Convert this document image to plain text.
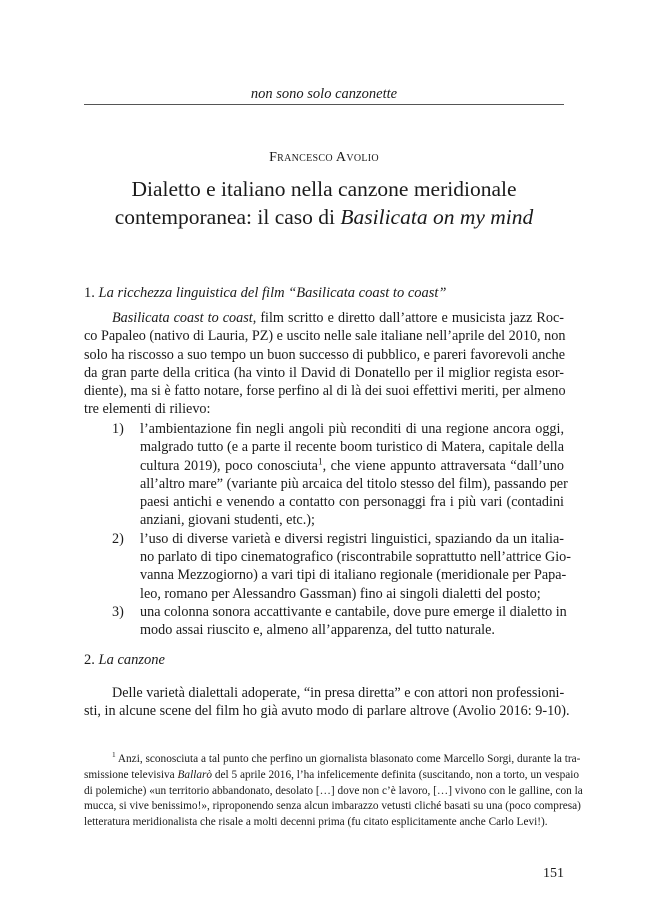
non sono solo canzonette
Francesco Avolio
Dialetto e italiano nella canzone meridionale
contemporanea: il caso di Basilicata on my mind
1. La ricchezza linguistica del film “Basilicata coast to coast”
Basilicata coast to coast, film scritto e diretto dall’attore e musicista jazz Roc-
co Papaleo (nativo di Lauria, PZ) e uscito nelle sale italiane nell’aprile del 2010, non
solo ha riscosso a suo tempo un buon successo di pubblico, e pareri favorevoli anche
da gran parte della critica (ha vinto il David di Donatello per il miglior regista esor-
diente), ma si è fatto notare, forse perfino al di là dei suoi effettivi meriti, per almeno
tre elementi di rilievo:
1) l’ambientazione fin negli angoli più reconditi di una regione ancora oggi,
malgrado tutto (e a parte il recente boom turistico di Matera, capitale della
cultura 2019), poco conosciuta$^1$, che viene appunto attraversata “dall’uno
all’altro mare” (variante più arcaica del titolo stesso del film), passando per
paesi antichi e venendo a contatto con personaggi fra i più vari (contadini
anziani, giovani studenti, etc.);
2) l’uso di diverse varietà e diversi registri linguistici, spaziando da un italia-
no parlato di tipo cinematografico (riscontrabile soprattutto nell’attrice Gio-
vanna Mezzogiorno) a vari tipi di italiano regionale (meridionale per Papa-
leo, romano per Alessandro Gassman) fino ai singoli dialetti del posto;
3) una colonna sonora accattivante e cantabile, dove pure emerge il dialetto in
modo assai riuscito e, almeno all’apparenza, del tutto naturale.
2. La canzone
Delle varietà dialettali adoperate, “in presa diretta” e con attori non professioni-
sti, in alcune scene del film ho già avuto modo di parlare altrove (Avolio 2016: 9-10).
$^1$ Anzi, sconosciuta a tal punto che perfino un giornalista blasonato come Marcello Sorgi, durante la tra-
smissione televisiva Ballarò del 5 aprile 2016, l’ha infelicemente definita (suscitando, non a torto, un vespaio
di polemiche) «un territorio abbandonato, desolato […] dove non c’è lavoro, […] vivono con le galline, con la
mucca, si vive benissimo!», riproponendo senza alcun imbarazzo vetusti cliché basati su una (poco compresa)
letteratura meridionalista che risale a molti decenni prima (fu citato esplicitamente anche Carlo Levi!).
151
